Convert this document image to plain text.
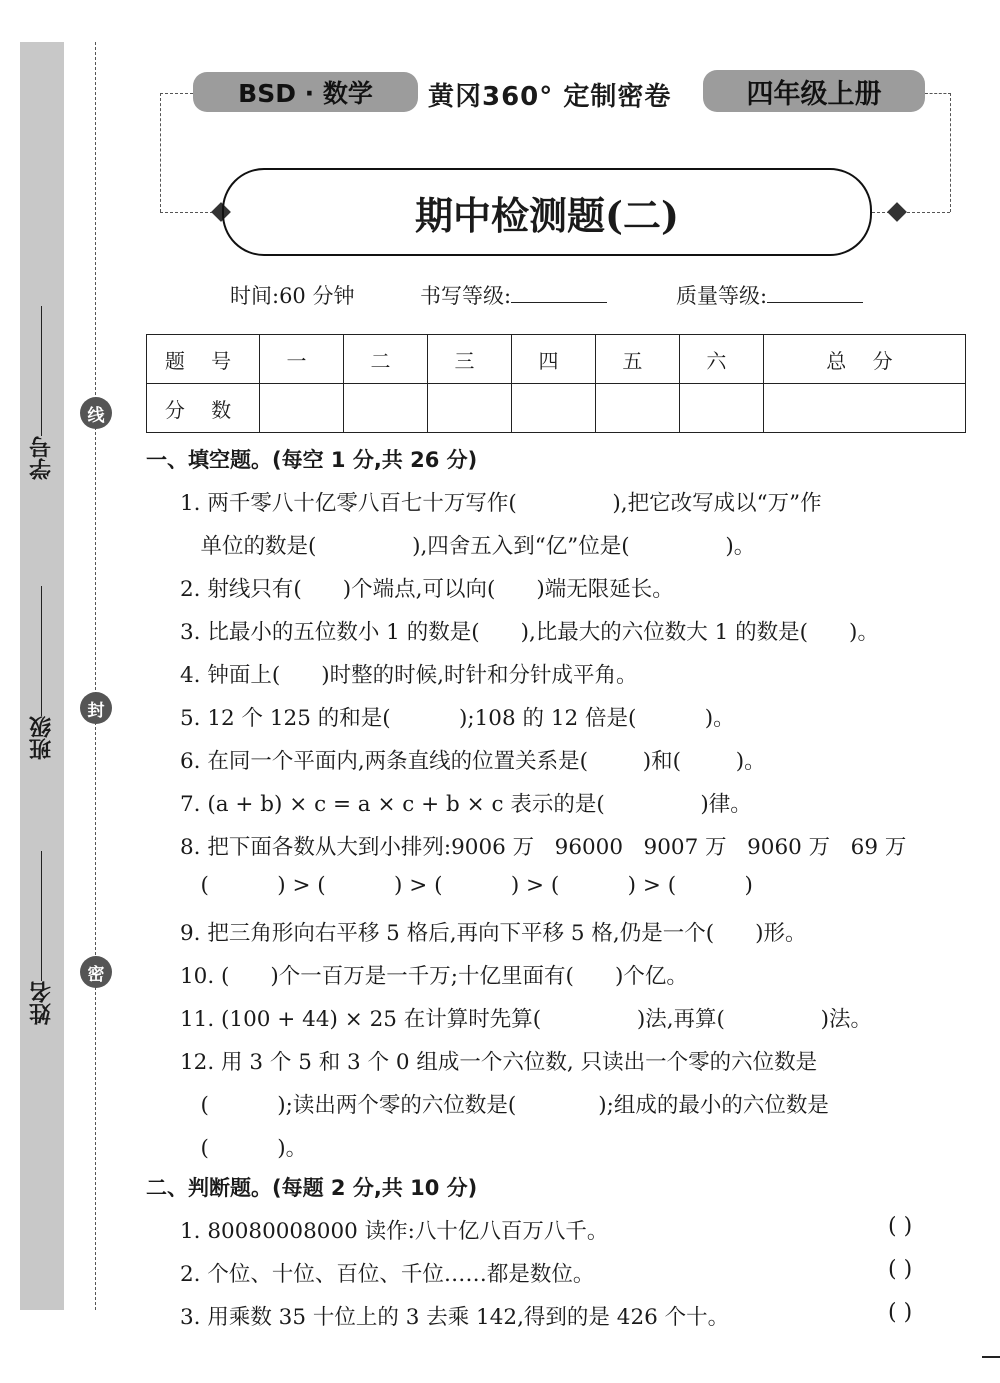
学号
班级
姓名
线
封
密
BSD · 数学	黄冈360° 定制密卷	四年级上册
期中检测题(二)
时间:60 分钟	书写等级:	质量等级:
题 号	一	二	三	四	五	六	总 分
分 数							
一、填空题。(每空 1 分,共 26 分)
1. 两千零八十亿零八百七十万写作(              ),把它改写成以“万”作
单位的数是(              ),四舍五入到“亿”位是(              )。
2. 射线只有(      )个端点,可以向(      )端无限延长。
3. 比最小的五位数小 1 的数是(      ),比最大的六位数大 1 的数是(      )。
4. 钟面上(      )时整的时候,时针和分针成平角。
5. 12 个 125 的和是(          );108 的 12 倍是(          )。
6. 在同一个平面内,两条直线的位置关系是(        )和(        )。
7. (a + b) × c = a × c + b × c 表示的是(              )律。
8. 把下面各数从大到小排列:9006 万   96000   9007 万   9060 万   69 万
(          ) > (          ) > (          ) > (          ) > (          )
9. 把三角形向右平移 5 格后,再向下平移 5 格,仍是一个(      )形。
10. (      )个一百万是一千万;十亿里面有(      )个亿。
11. (100 + 44) × 25 在计算时先算(              )法,再算(              )法。
12. 用 3 个 5 和 3 个 0 组成一个六位数, 只读出一个零的六位数是
(          );读出两个零的六位数是(            );组成的最小的六位数是
(          )。
二、判断题。(每题 2 分,共 10 分)
1. 80080008000 读作:八十亿八百万八千。	( )
2. 个位、十位、百位、千位……都是数位。	( )
3. 用乘数 35 十位上的 3 去乘 142,得到的是 426 个十。	( )
